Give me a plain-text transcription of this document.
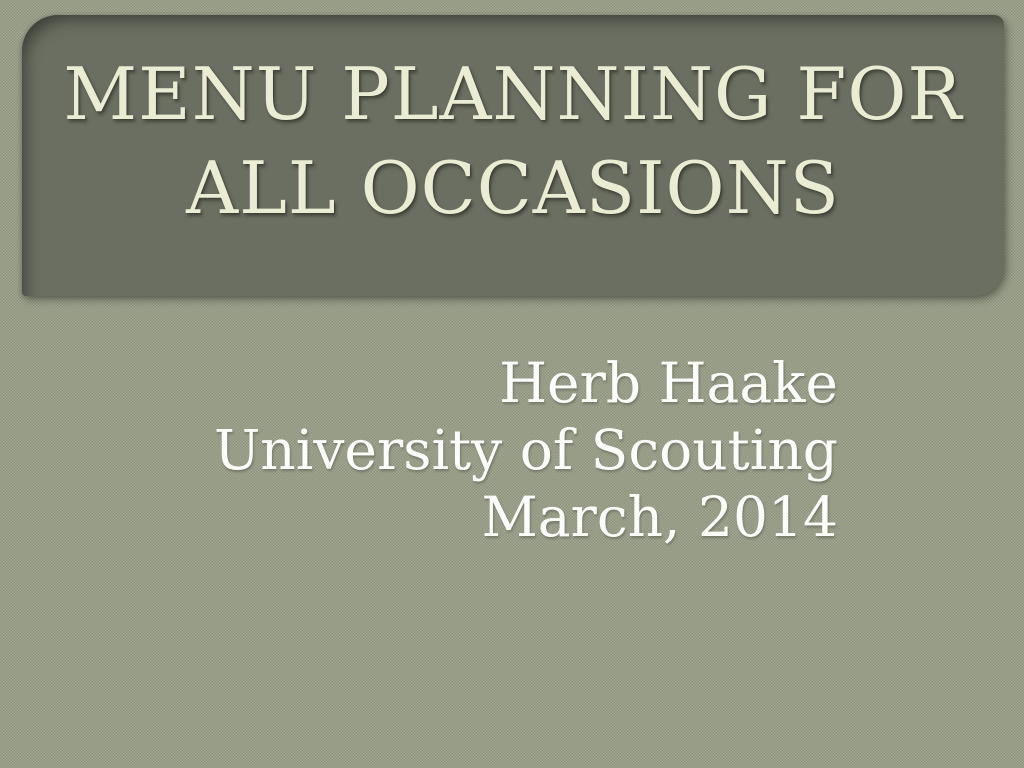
MENU PLANNING FOR
ALL OCCASIONS
Herb Haake
University of Scouting
March, 2014
